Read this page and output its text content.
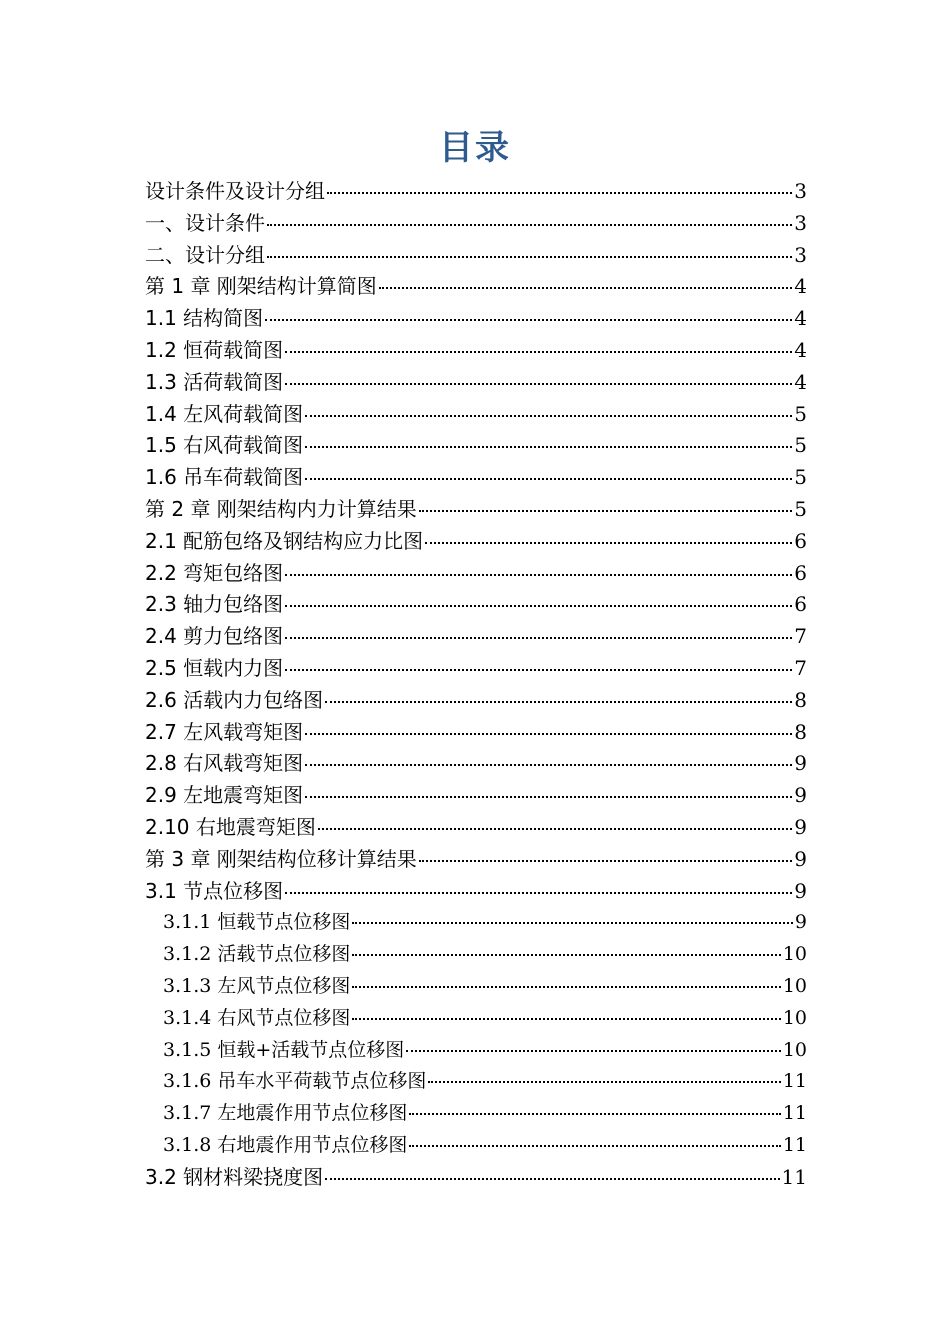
目录
设计条件及设计分组	3
一、设计条件	3
二、设计分组	3
第 1 章 刚架结构计算简图	4
1.1 结构简图	4
1.2 恒荷载简图	4
1.3 活荷载简图	4
1.4 左风荷载简图	5
1.5 右风荷载简图	5
1.6 吊车荷载简图	5
第 2 章 刚架结构内力计算结果	5
2.1 配筋包络及钢结构应力比图	6
2.2 弯矩包络图	6
2.3 轴力包络图	6
2.4 剪力包络图	7
2.5 恒载内力图	7
2.6 活载内力包络图	8
2.7 左风载弯矩图	8
2.8 右风载弯矩图	9
2.9 左地震弯矩图	9
2.10 右地震弯矩图	9
第 3 章 刚架结构位移计算结果	9
3.1 节点位移图	9
3.1.1 恒载节点位移图	9
3.1.2 活载节点位移图	10
3.1.3 左风节点位移图	10
3.1.4 右风节点位移图	10
3.1.5 恒载+活载节点位移图	10
3.1.6 吊车水平荷载节点位移图	11
3.1.7 左地震作用节点位移图	11
3.1.8 右地震作用节点位移图	11
3.2 钢材料梁挠度图	11
